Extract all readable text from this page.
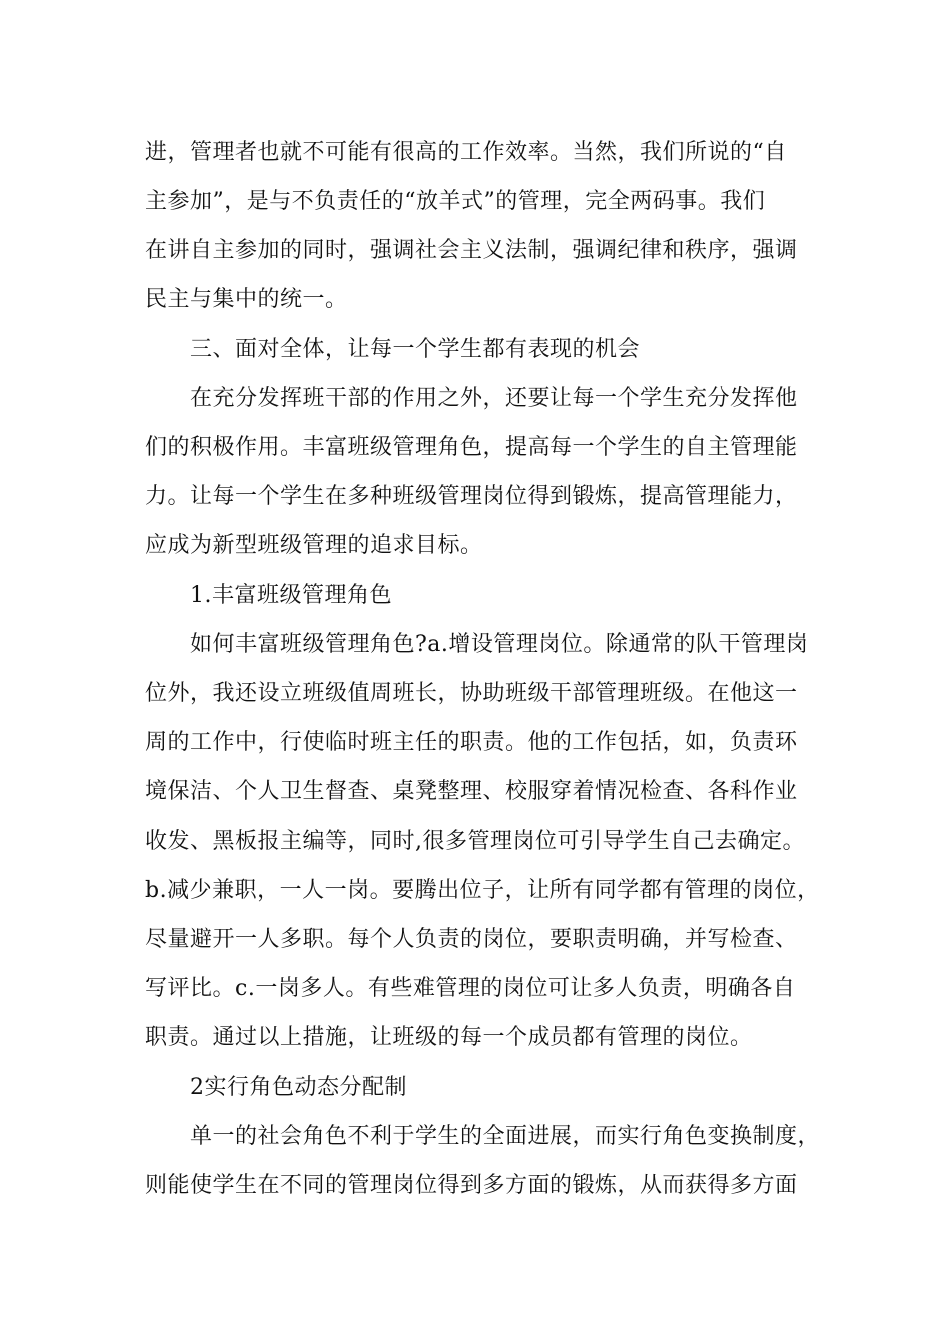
进，管理者也就不可能有很高的工作效率。当然，我们所说的“自
主参加”，是与不负责任的“放羊式”的管理，完全两码事。我们
在讲自主参加的同时，强调社会主义法制，强调纪律和秩序，强调
民主与集中的统一。
三、面对全体，让每一个学生都有表现的机会
在充分发挥班干部的作用之外，还要让每一个学生充分发挥他
们的积极作用。丰富班级管理角色，提高每一个学生的自主管理能
力。让每一个学生在多种班级管理岗位得到锻炼，提高管理能力，
应成为新型班级管理的追求目标。
1.丰富班级管理角色
如何丰富班级管理角色?a.增设管理岗位。除通常的队干管理岗
位外，我还设立班级值周班长，协助班级干部管理班级。在他这一
周的工作中，行使临时班主任的职责。他的工作包括，如，负责环
境保洁、个人卫生督查、桌凳整理、校服穿着情况检查、各科作业
收发、黑板报主编等，同时,很多管理岗位可引导学生自己去确定。
b.减少兼职，一人一岗。要腾出位子，让所有同学都有管理的岗位，
尽量避开一人多职。每个人负责的岗位，要职责明确，并写检查、
写评比。c.一岗多人。有些难管理的岗位可让多人负责，明确各自
职责。通过以上措施，让班级的每一个成员都有管理的岗位。
2实行角色动态分配制
单一的社会角色不利于学生的全面进展，而实行角色变换制度，
则能使学生在不同的管理岗位得到多方面的锻炼，从而获得多方面
